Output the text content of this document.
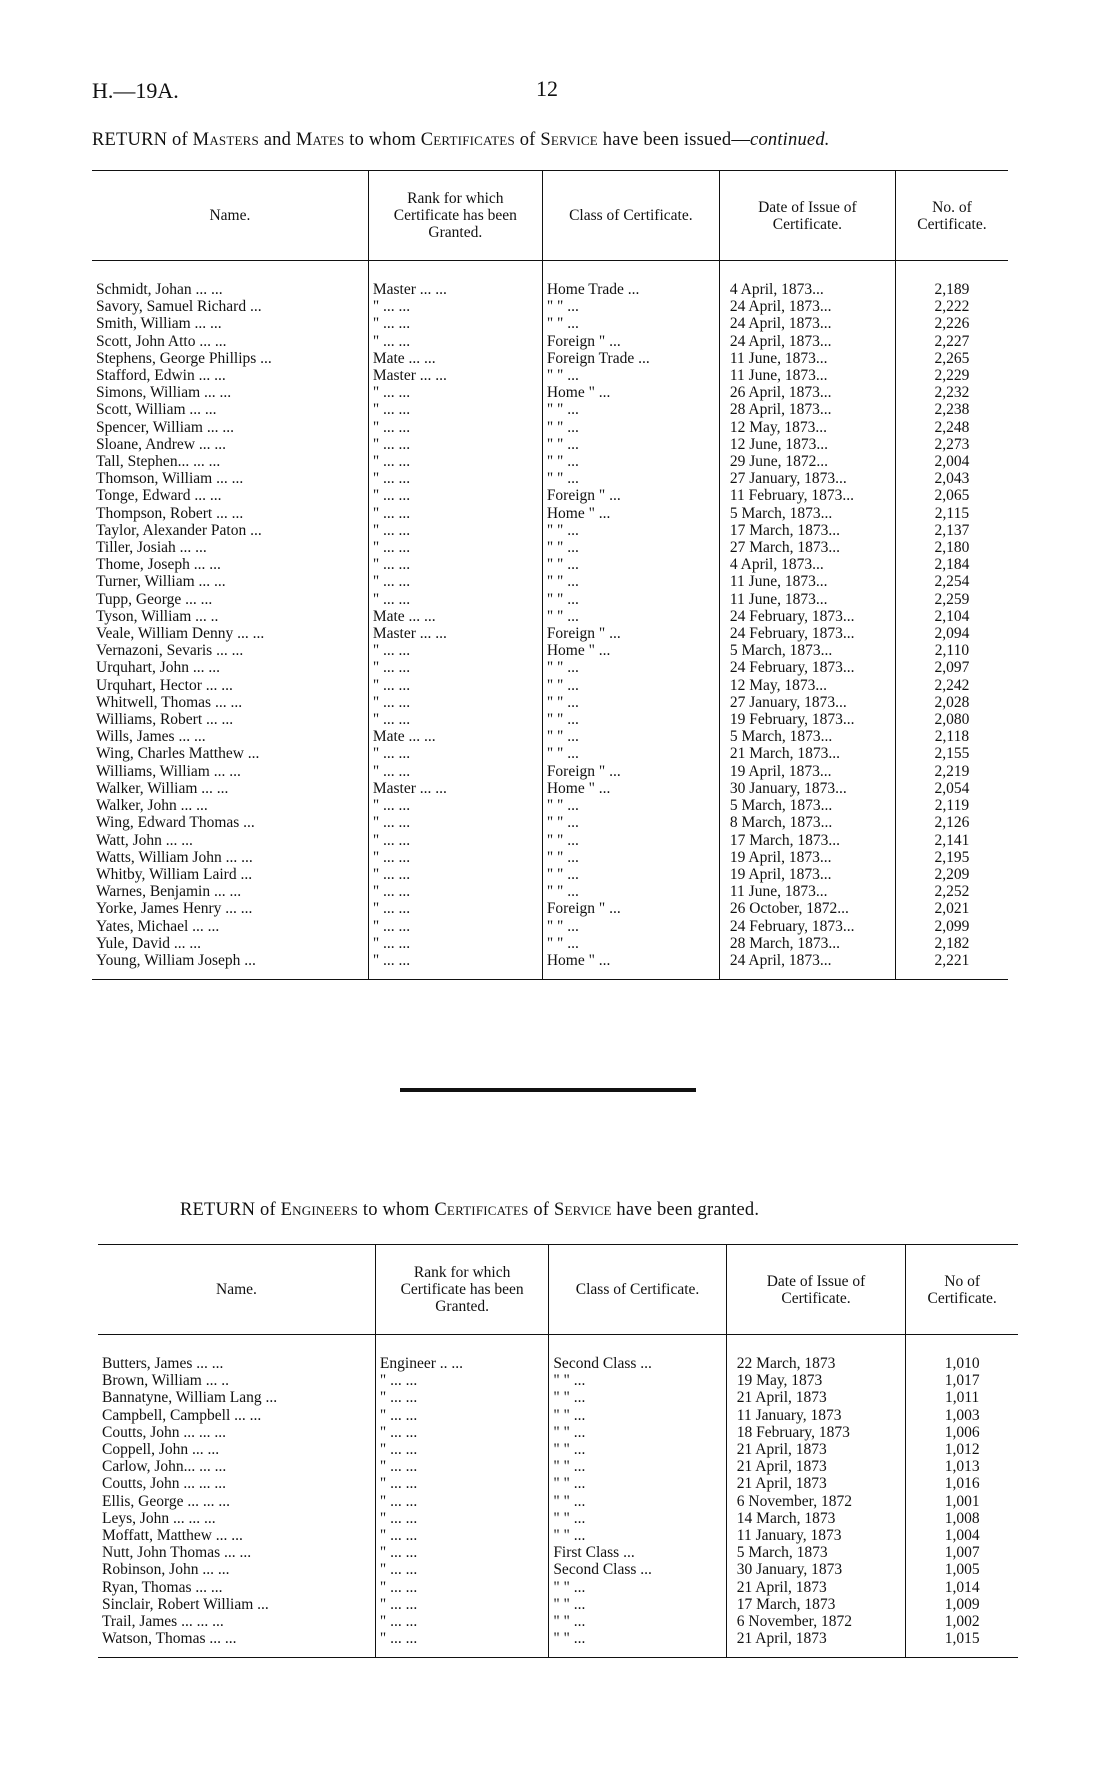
H.—19A.	12
RETURN of Masters and Mates to whom Certificates of Service have been issued—continued.
Name.	Rank for which Certificate has been Granted.	Class of Certificate.	Date of Issue of Certificate.	No. of Certificate.

Schmidt, Johan ... ...	Master ... ...	Home Trade ...	4 April, 1873...	2,189
Savory, Samuel Richard ...	" ... ...	" " ...	24 April, 1873...	2,222
Smith, William ... ...	" ... ...	" " ...	24 April, 1873...	2,226
Scott, John Atto ... ...	" ... ...	Foreign " ...	24 April, 1873...	2,227
Stephens, George Phillips ...	Mate ... ...	Foreign Trade ...	11 June, 1873...	2,265
Stafford, Edwin ... ...	Master ... ...	" " ...	11 June, 1873...	2,229
Simons, William ... ...	" ... ...	Home " ...	26 April, 1873...	2,232
Scott, William ... ...	" ... ...	" " ...	28 April, 1873...	2,238
Spencer, William ... ...	" ... ...	" " ...	12 May, 1873...	2,248
Sloane, Andrew ... ...	" ... ...	" " ...	12 June, 1873...	2,273
Tall, Stephen... ... ...	" ... ...	" " ...	29 June, 1872...	2,004
Thomson, William ... ...	" ... ...	" " ...	27 January, 1873...	2,043
Tonge, Edward ... ...	" ... ...	Foreign " ...	11 February, 1873...	2,065
Thompson, Robert ... ...	" ... ...	Home " ...	5 March, 1873...	2,115
Taylor, Alexander Paton ...	" ... ...	" " ...	17 March, 1873...	2,137
Tiller, Josiah ... ...	" ... ...	" " ...	27 March, 1873...	2,180
Thome, Joseph ... ...	" ... ...	" " ...	4 April, 1873...	2,184
Turner, William ... ...	" ... ...	" " ...	11 June, 1873...	2,254
Tupp, George ... ...	" ... ...	" " ...	11 June, 1873...	2,259
Tyson, William ... ..	Mate ... ...	" " ...	24 February, 1873...	2,104
Veale, William Denny ... ...	Master ... ...	Foreign " ...	24 February, 1873...	2,094
Vernazoni, Sevaris ... ...	" ... ...	Home " ...	5 March, 1873...	2,110
Urquhart, John ... ...	" ... ...	" " ...	24 February, 1873...	2,097
Urquhart, Hector ... ...	" ... ...	" " ...	12 May, 1873...	2,242
Whitwell, Thomas ... ...	" ... ...	" " ...	27 January, 1873...	2,028
Williams, Robert ... ...	" ... ...	" " ...	19 February, 1873...	2,080
Wills, James ... ...	Mate ... ...	" " ...	5 March, 1873...	2,118
Wing, Charles Matthew ...	" ... ...	" " ...	21 March, 1873...	2,155
Williams, William ... ...	" ... ...	Foreign " ...	19 April, 1873...	2,219
Walker, William ... ...	Master ... ...	Home " ...	30 January, 1873...	2,054
Walker, John ... ...	" ... ...	" " ...	5 March, 1873...	2,119
Wing, Edward Thomas ...	" ... ...	" " ...	8 March, 1873...	2,126
Watt, John ... ...	" ... ...	" " ...	17 March, 1873...	2,141
Watts, William John ... ...	" ... ...	" " ...	19 April, 1873...	2,195
Whitby, William Laird ...	" ... ...	" " ...	19 April, 1873...	2,209
Warnes, Benjamin ... ...	" ... ...	" " ...	11 June, 1873...	2,252
Yorke, James Henry ... ...	" ... ...	Foreign " ...	26 October, 1872...	2,021
Yates, Michael ... ...	" ... ...	" " ...	24 February, 1873...	2,099
Yule, David ... ...	" ... ...	" " ...	28 March, 1873...	2,182
Young, William Joseph ...	" ... ...	Home " ...	24 April, 1873...	2,221

RETURN of Engineers to whom Certificates of Service have been granted.
Name.	Rank for which Certificate has been Granted.	Class of Certificate.	Date of Issue of Certificate.	No of Certificate.

Butters, James ... ...	Engineer .. ...	Second Class ...	22 March, 1873	1,010
Brown, William ... ..	" ... ...	" " ...	19 May, 1873	1,017
Bannatyne, William Lang ...	" ... ...	" " ...	21 April, 1873	1,011
Campbell, Campbell ... ...	" ... ...	" " ...	11 January, 1873	1,003
Coutts, John ... ... ...	" ... ...	" " ...	18 February, 1873	1,006
Coppell, John ... ...	" ... ...	" " ...	21 April, 1873	1,012
Carlow, John... ... ...	" ... ...	" " ...	21 April, 1873	1,013
Coutts, John ... ... ...	" ... ...	" " ...	21 April, 1873	1,016
Ellis, George ... ... ...	" ... ...	" " ...	6 November, 1872	1,001
Leys, John ... ... ...	" ... ...	" " ...	14 March, 1873	1,008
Moffatt, Matthew ... ...	" ... ...	" " ...	11 January, 1873	1,004
Nutt, John Thomas ... ...	" ... ...	First Class ...	5 March, 1873	1,007
Robinson, John ... ...	" ... ...	Second Class ...	30 January, 1873	1,005
Ryan, Thomas ... ...	" ... ...	" " ...	21 April, 1873	1,014
Sinclair, Robert William ...	" ... ...	" " ...	17 March, 1873	1,009
Trail, James ... ... ...	" ... ...	" " ...	6 November, 1872	1,002
Watson, Thomas ... ...	" ... ...	" " ...	21 April, 1873	1,015
